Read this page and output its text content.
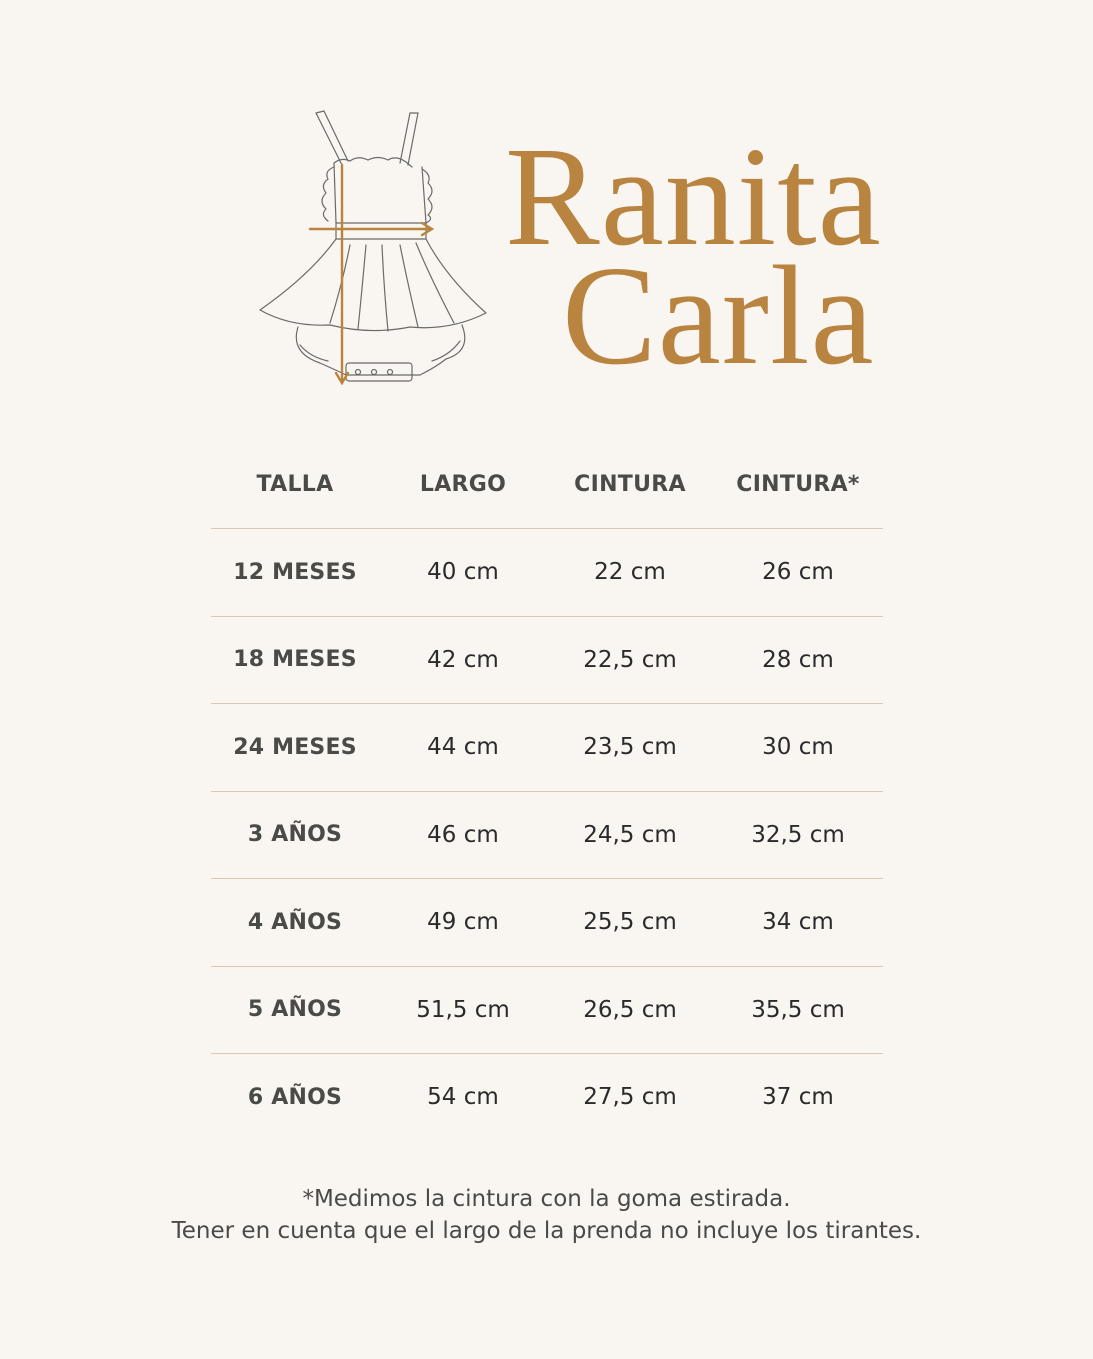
Ranita
Carla
TALLA	LARGO	CINTURA	CINTURA*
12 MESES	40 cm	22 cm	26 cm
18 MESES	42 cm	22,5 cm	28 cm
24 MESES	44 cm	23,5 cm	30 cm
3 AÑOS	46 cm	24,5 cm	32,5 cm
4 AÑOS	49 cm	25,5 cm	34 cm
5 AÑOS	51,5 cm	26,5 cm	35,5 cm
6 AÑOS	54 cm	27,5 cm	37 cm
*Medimos la cintura con la goma estirada.
Tener en cuenta que el largo de la prenda no incluye los tirantes.
